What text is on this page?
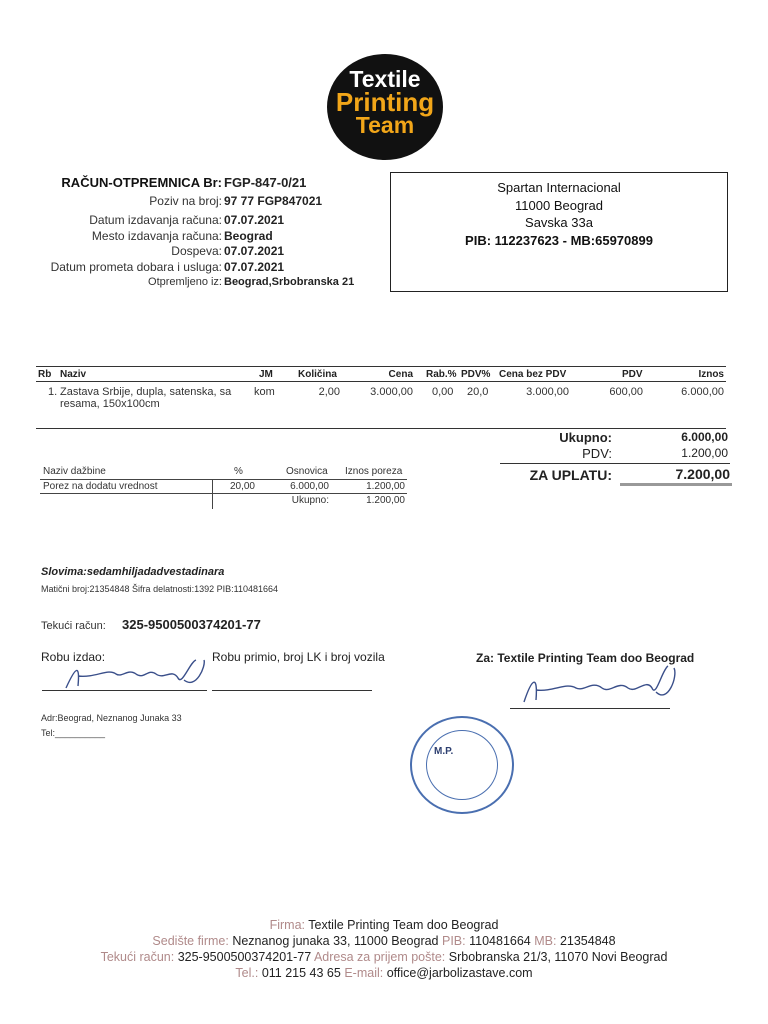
Textile
Printing
Team
RAČUN-OTPREMNICA Br: FGP-847-0/21
Poziv na broj: 97 77 FGP847021
Datum izdavanja računa: 07.07.2021
Mesto izdavanja računa: Beograd
Dospeva: 07.07.2021
Datum prometa dobara i usluga: 07.07.2021
Otpremljeno iz: Beograd,Srbobranska 21
Spartan Internacional
11000 Beograd
Savska 33a
PIB: 112237623 - MB:65970899
Rb Naziv	JM	Količina	Cena Rab.% PDV% Cena bez PDV	PDV	Iznos
1. Zastava Srbije, dupla, satenska, sa
resama, 150x100cm
kom	2,00	3.000,00 0,00 20,0	3.000,00	600,00	6.000,00
Ukupno:	6.000,00
PDV:	1.200,00
ZA UPLATU:	7.200,00
Naziv dažbine	%	Osnovica Iznos poreza
Porez na dodatu vrednost	20,00	6.000,00	1.200,00
Ukupno:	1.200,00
Slovima:sedamhiljadadvestadinara
Matični broj:21354848 Šifra delatnosti:1392 PIB:110481664
Tekući račun: 325-9500500374201-77
Robu izdao:	Robu primio, broj LK i broj vozila	Za: Textile Printing Team doo Beograd
Adr:Beograd, Neznanog Junaka 33
Tel:__________
M.P.
Firma: Textile Printing Team doo Beograd
Sedište firme: Neznanog junaka 33, 11000 Beograd PIB: 110481664 MB: 21354848
Tekući račun: 325-9500500374201-77 Adresa za prijem pošte: Srbobranska 21/3, 11070 Novi Beograd
Tel.: 011 215 43 65 E-mail: office@jarbolizastave.com
